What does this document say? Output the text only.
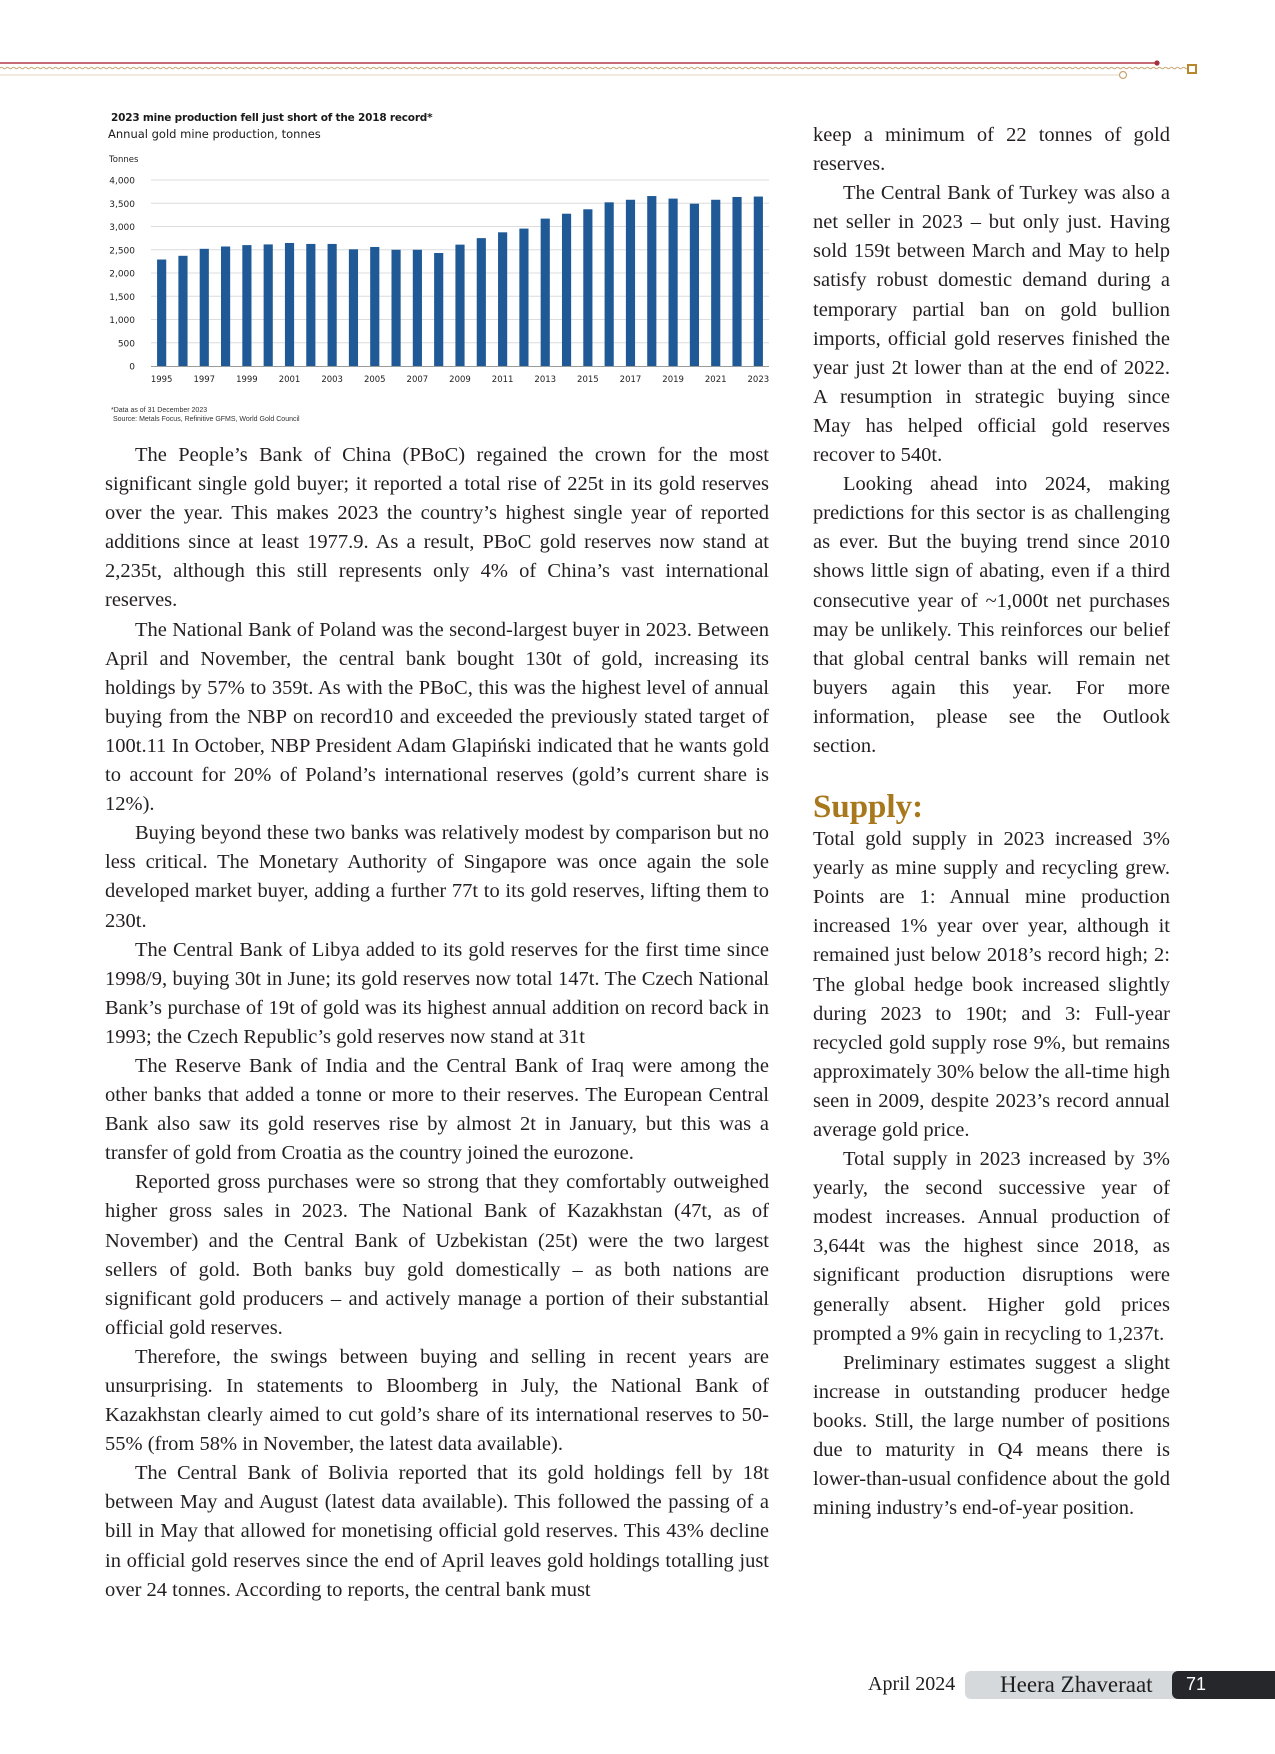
2023 mine production fell just short of the 2018 record*
Annual gold mine production, tonnes
Tonnes
0
500
1,000
1,500
2,000
2,500
3,000
3,500
4,000
1995 1997 1999 2001 2003 2005 2007 2009 2011 2013 2015 2017 2019 2021 2023
*Data as of 31 December 2023
Source: Metals Focus, Refinitive GFMS, World Gold Council

The People’s Bank of China (PBoC) regained the crown for the most significant single gold buyer; it reported a total rise of 225t in its gold reserves over the year. This makes 2023 the country’s highest single year of reported additions since at least 1977.9. As a result, PBoC gold reserves now stand at 2,235t, although this still represents only 4% of China’s vast international reserves.

The National Bank of Poland was the second-largest buyer in 2023. Between April and November, the central bank bought 130t of gold, increasing its holdings by 57% to 359t. As with the PBoC, this was the highest level of annual buying from the NBP on record10 and exceeded the previously stated target of 100t.11 In October, NBP President Adam Glapiński indicated that he wants gold to account for 20% of Poland’s international reserves (gold’s current share is 12%).

Buying beyond these two banks was relatively modest by comparison but no less critical. The Monetary Authority of Singapore was once again the sole developed market buyer, adding a further 77t to its gold reserves, lifting them to 230t.

The Central Bank of Libya added to its gold reserves for the first time since 1998/9, buying 30t in June; its gold reserves now total 147t. The Czech National Bank’s purchase of 19t of gold was its highest annual addition on record back in 1993; the Czech Republic’s gold reserves now stand at 31t

The Reserve Bank of India and the Central Bank of Iraq were among the other banks that added a tonne or more to their reserves. The European Central Bank also saw its gold reserves rise by almost 2t in January, but this was a transfer of gold from Croatia as the country joined the eurozone.

Reported gross purchases were so strong that they comfortably outweighed higher gross sales in 2023. The National Bank of Kazakhstan (47t, as of November) and the Central Bank of Uzbekistan (25t) were the two largest sellers of gold. Both banks buy gold domestically – as both nations are significant gold producers – and actively manage a portion of their substantial official gold reserves.

Therefore, the swings between buying and selling in recent years are unsurprising. In statements to Bloomberg in July, the National Bank of Kazakhstan clearly aimed to cut gold’s share of its international reserves to 50-55% (from 58% in November, the latest data available).

The Central Bank of Bolivia reported that its gold holdings fell by 18t between May and August (latest data available). This followed the passing of a bill in May that allowed for monetising official gold reserves. This 43% decline in official gold reserves since the end of April leaves gold holdings totalling just over 24 tonnes. According to reports, the central bank must

keep a minimum of 22 tonnes of gold reserves.

The Central Bank of Turkey was also a net seller in 2023 – but only just. Having sold 159t between March and May to help satisfy robust domestic demand during a temporary partial ban on gold bullion imports, official gold reserves finished the year just 2t lower than at the end of 2022. A resumption in strategic buying since May has helped official gold reserves recover to 540t.

Looking ahead into 2024, making predictions for this sector is as challenging as ever. But the buying trend since 2010 shows little sign of abating, even if a third consecutive year of ~1,000t net purchases may be unlikely. This reinforces our belief that global central banks will remain net buyers again this year. For more information, please see the Outlook section.

Supply:

Total gold supply in 2023 increased 3% yearly as mine supply and recycling grew. Points are 1: Annual mine production increased 1% year over year, although it remained just below 2018’s record high; 2: The global hedge book increased slightly during 2023 to 190t; and 3: Full-year recycled gold supply rose 9%, but remains approximately 30% below the all-time high seen in 2009, despite 2023’s record annual average gold price.

Total supply in 2023 increased by 3% yearly, the second successive year of modest increases. Annual production of 3,644t was the highest since 2018, as significant production disruptions were generally absent. Higher gold prices prompted a 9% gain in recycling to 1,237t.

Preliminary estimates suggest a slight increase in outstanding producer hedge books. Still, the large number of positions due to maturity in Q4 means there is lower-than-usual confidence about the gold mining industry’s end-of-year position.

April 2024 Heera Zhaveraat 71
